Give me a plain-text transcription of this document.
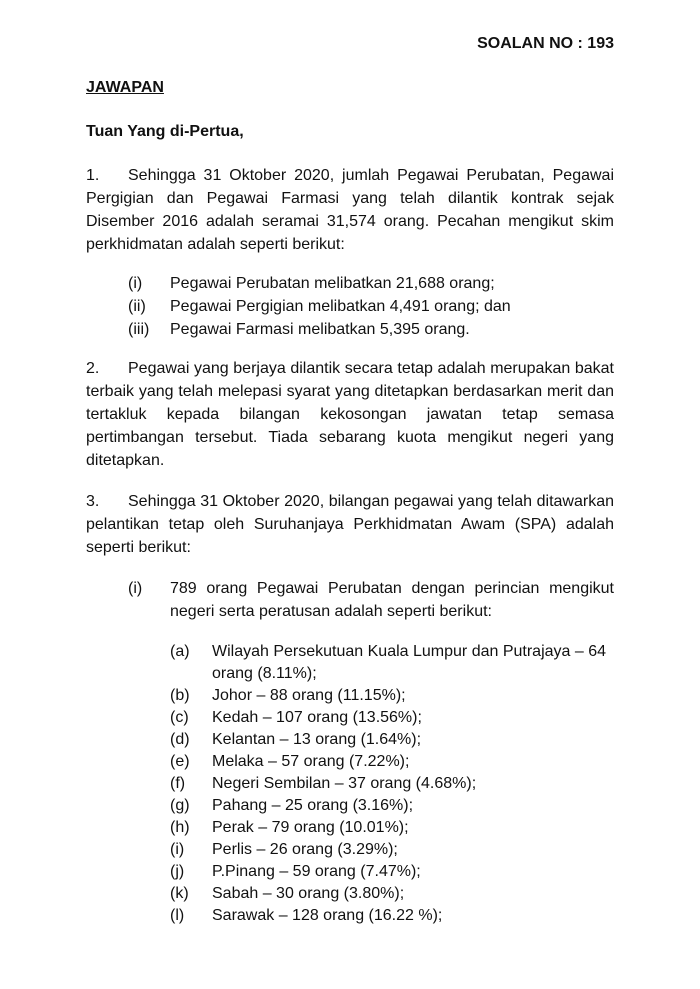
SOALAN NO : 193
JAWAPAN
Tuan Yang di-Pertua,
1. Sehingga 31 Oktober 2020, jumlah Pegawai Perubatan, Pegawai Pergigian dan Pegawai Farmasi yang telah dilantik kontrak sejak Disember 2016 adalah seramai 31,574 orang. Pecahan mengikut skim perkhidmatan adalah seperti berikut:
(i) Pegawai Perubatan melibatkan 21,688 orang;
(ii) Pegawai Pergigian melibatkan 4,491 orang; dan
(iii) Pegawai Farmasi melibatkan 5,395 orang.
2. Pegawai yang berjaya dilantik secara tetap adalah merupakan bakat terbaik yang telah melepasi syarat yang ditetapkan berdasarkan merit dan tertakluk kepada bilangan kekosongan jawatan tetap semasa pertimbangan tersebut. Tiada sebarang kuota mengikut negeri yang ditetapkan.
3. Sehingga 31 Oktober 2020, bilangan pegawai yang telah ditawarkan pelantikan tetap oleh Suruhanjaya Perkhidmatan Awam (SPA) adalah seperti berikut:
(i) 789 orang Pegawai Perubatan dengan perincian mengikut negeri serta peratusan adalah seperti berikut:
(a) Wilayah Persekutuan Kuala Lumpur dan Putrajaya – 64
orang (8.11%);
(b) Johor – 88 orang (11.15%);
(c) Kedah – 107 orang (13.56%);
(d) Kelantan – 13 orang (1.64%);
(e) Melaka – 57 orang (7.22%);
(f) Negeri Sembilan – 37 orang (4.68%);
(g) Pahang – 25 orang (3.16%);
(h) Perak – 79 orang (10.01%);
(i) Perlis – 26 orang (3.29%);
(j) P.Pinang – 59 orang (7.47%);
(k) Sabah – 30 orang (3.80%);
(l) Sarawak – 128 orang (16.22 %);
